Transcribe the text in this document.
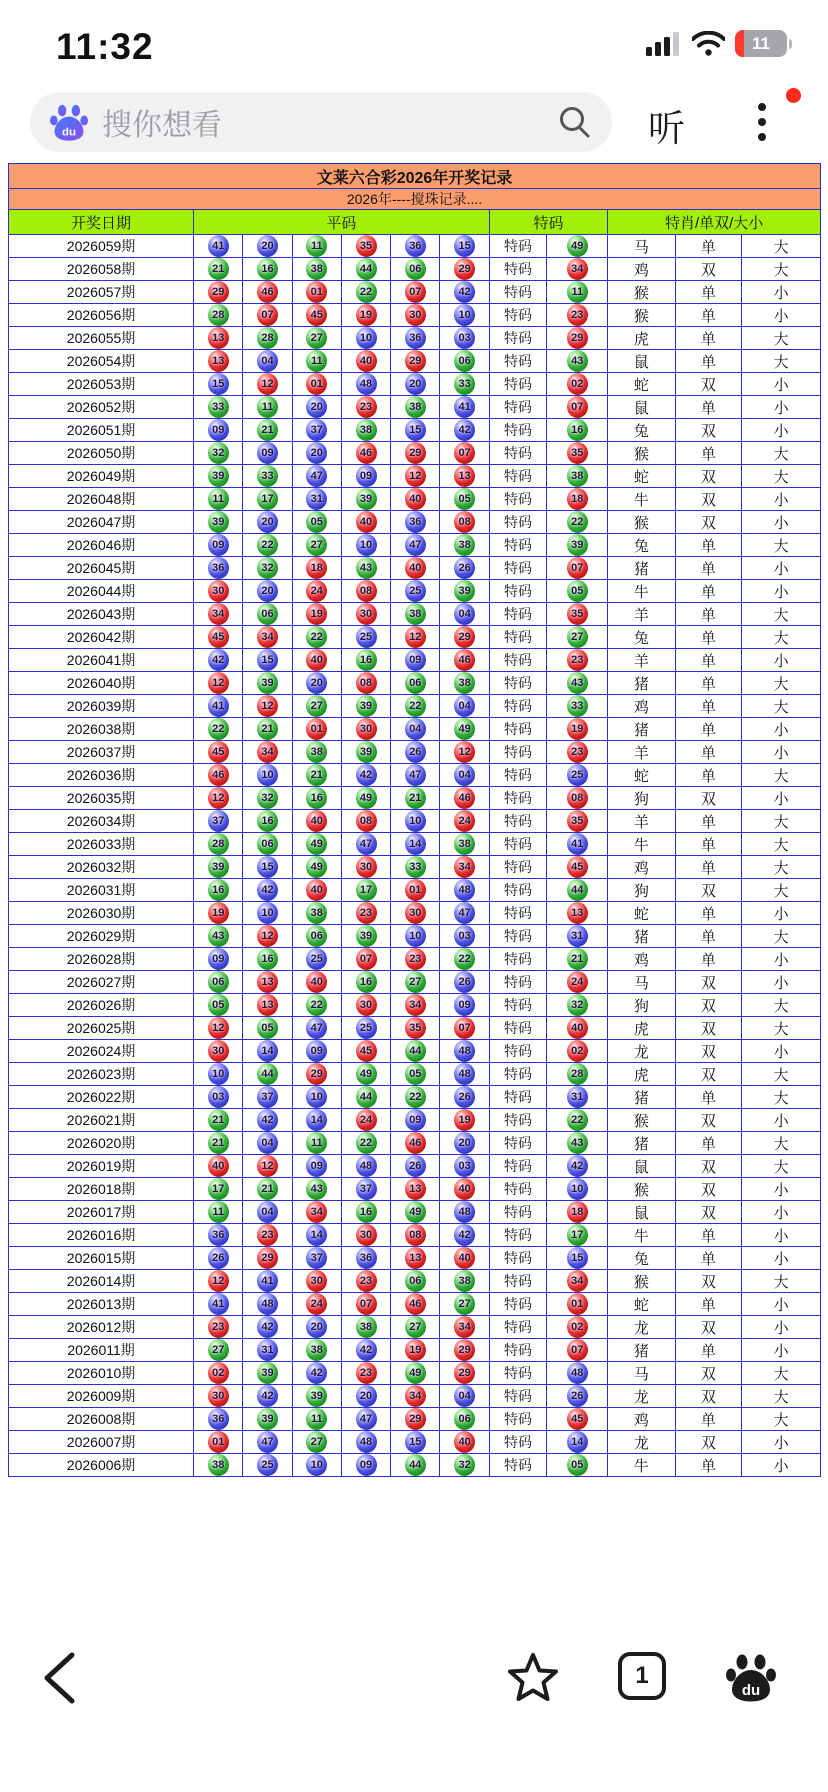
11:32	11
du 搜你想看	听
文莱六合彩2026年开奖记录											
2026年----搅珠记录....											
开奖日期	平码						特码		特肖/单双/大小		
2026059期	41	20	11	35	36	15	特码	49	马	单	大
2026058期	21	16	38	44	06	29	特码	34	鸡	双	大
2026057期	29	46	01	22	07	42	特码	11	猴	单	小
2026056期	28	07	45	19	30	10	特码	23	猴	单	小
2026055期	13	28	27	10	36	03	特码	29	虎	单	大
2026054期	13	04	11	40	29	06	特码	43	鼠	单	大
2026053期	15	12	01	48	20	33	特码	02	蛇	双	小
2026052期	33	11	20	23	38	41	特码	07	鼠	单	小
2026051期	09	21	37	38	15	42	特码	16	兔	双	小
2026050期	32	09	20	46	29	07	特码	35	猴	单	大
2026049期	39	33	47	09	12	13	特码	38	蛇	双	大
2026048期	11	17	31	39	40	05	特码	18	牛	双	小
2026047期	39	20	05	40	36	08	特码	22	猴	双	小
2026046期	09	22	27	10	47	38	特码	39	兔	单	大
2026045期	36	32	18	43	40	26	特码	07	猪	单	小
2026044期	30	20	24	08	25	39	特码	05	牛	单	小
2026043期	34	06	19	30	38	04	特码	35	羊	单	大
2026042期	45	34	22	25	12	29	特码	27	兔	单	大
2026041期	42	15	40	16	09	46	特码	23	羊	单	小
2026040期	12	39	20	08	06	38	特码	43	猪	单	大
2026039期	41	12	27	39	22	04	特码	33	鸡	单	大
2026038期	22	21	01	30	04	49	特码	19	猪	单	小
2026037期	45	34	38	39	26	12	特码	23	羊	单	小
2026036期	46	10	21	42	47	04	特码	25	蛇	单	大
2026035期	12	32	16	49	21	46	特码	08	狗	双	小
2026034期	37	16	40	08	10	24	特码	35	羊	单	大
2026033期	28	06	49	47	14	38	特码	41	牛	单	大
2026032期	39	15	49	30	33	34	特码	45	鸡	单	大
2026031期	16	42	40	17	01	48	特码	44	狗	双	大
2026030期	19	10	38	23	30	47	特码	13	蛇	单	小
2026029期	43	12	06	39	10	03	特码	31	猪	单	大
2026028期	09	16	25	07	23	22	特码	21	鸡	单	小
2026027期	06	13	40	16	27	26	特码	24	马	双	小
2026026期	05	13	22	30	34	09	特码	32	狗	双	大
2026025期	12	05	47	25	35	07	特码	40	虎	双	大
2026024期	30	14	09	45	44	48	特码	02	龙	双	小
2026023期	10	44	29	49	05	48	特码	28	虎	双	大
2026022期	03	37	10	44	22	26	特码	31	猪	单	大
2026021期	21	42	14	24	09	19	特码	22	猴	双	小
2026020期	21	04	11	22	46	20	特码	43	猪	单	大
2026019期	40	12	09	48	26	03	特码	42	鼠	双	大
2026018期	17	21	43	37	13	40	特码	10	猴	双	小
2026017期	11	04	34	16	49	48	特码	18	鼠	双	小
2026016期	36	23	14	30	08	42	特码	17	牛	单	小
2026015期	26	29	37	36	13	40	特码	15	兔	单	小
2026014期	12	41	30	23	06	38	特码	34	猴	双	大
2026013期	41	48	24	07	46	27	特码	01	蛇	单	小
2026012期	23	42	20	38	27	34	特码	02	龙	双	小
2026011期	27	31	38	42	19	29	特码	07	猪	单	小
2026010期	02	39	42	23	49	29	特码	48	马	双	大
2026009期	30	42	39	20	34	04	特码	26	龙	双	大
2026008期	36	39	11	47	29	06	特码	45	鸡	单	大
2026007期	01	47	27	48	15	40	特码	14	龙	双	小
2026006期	38	25	10	09	44	32	特码	05	牛	单	小
1
du
